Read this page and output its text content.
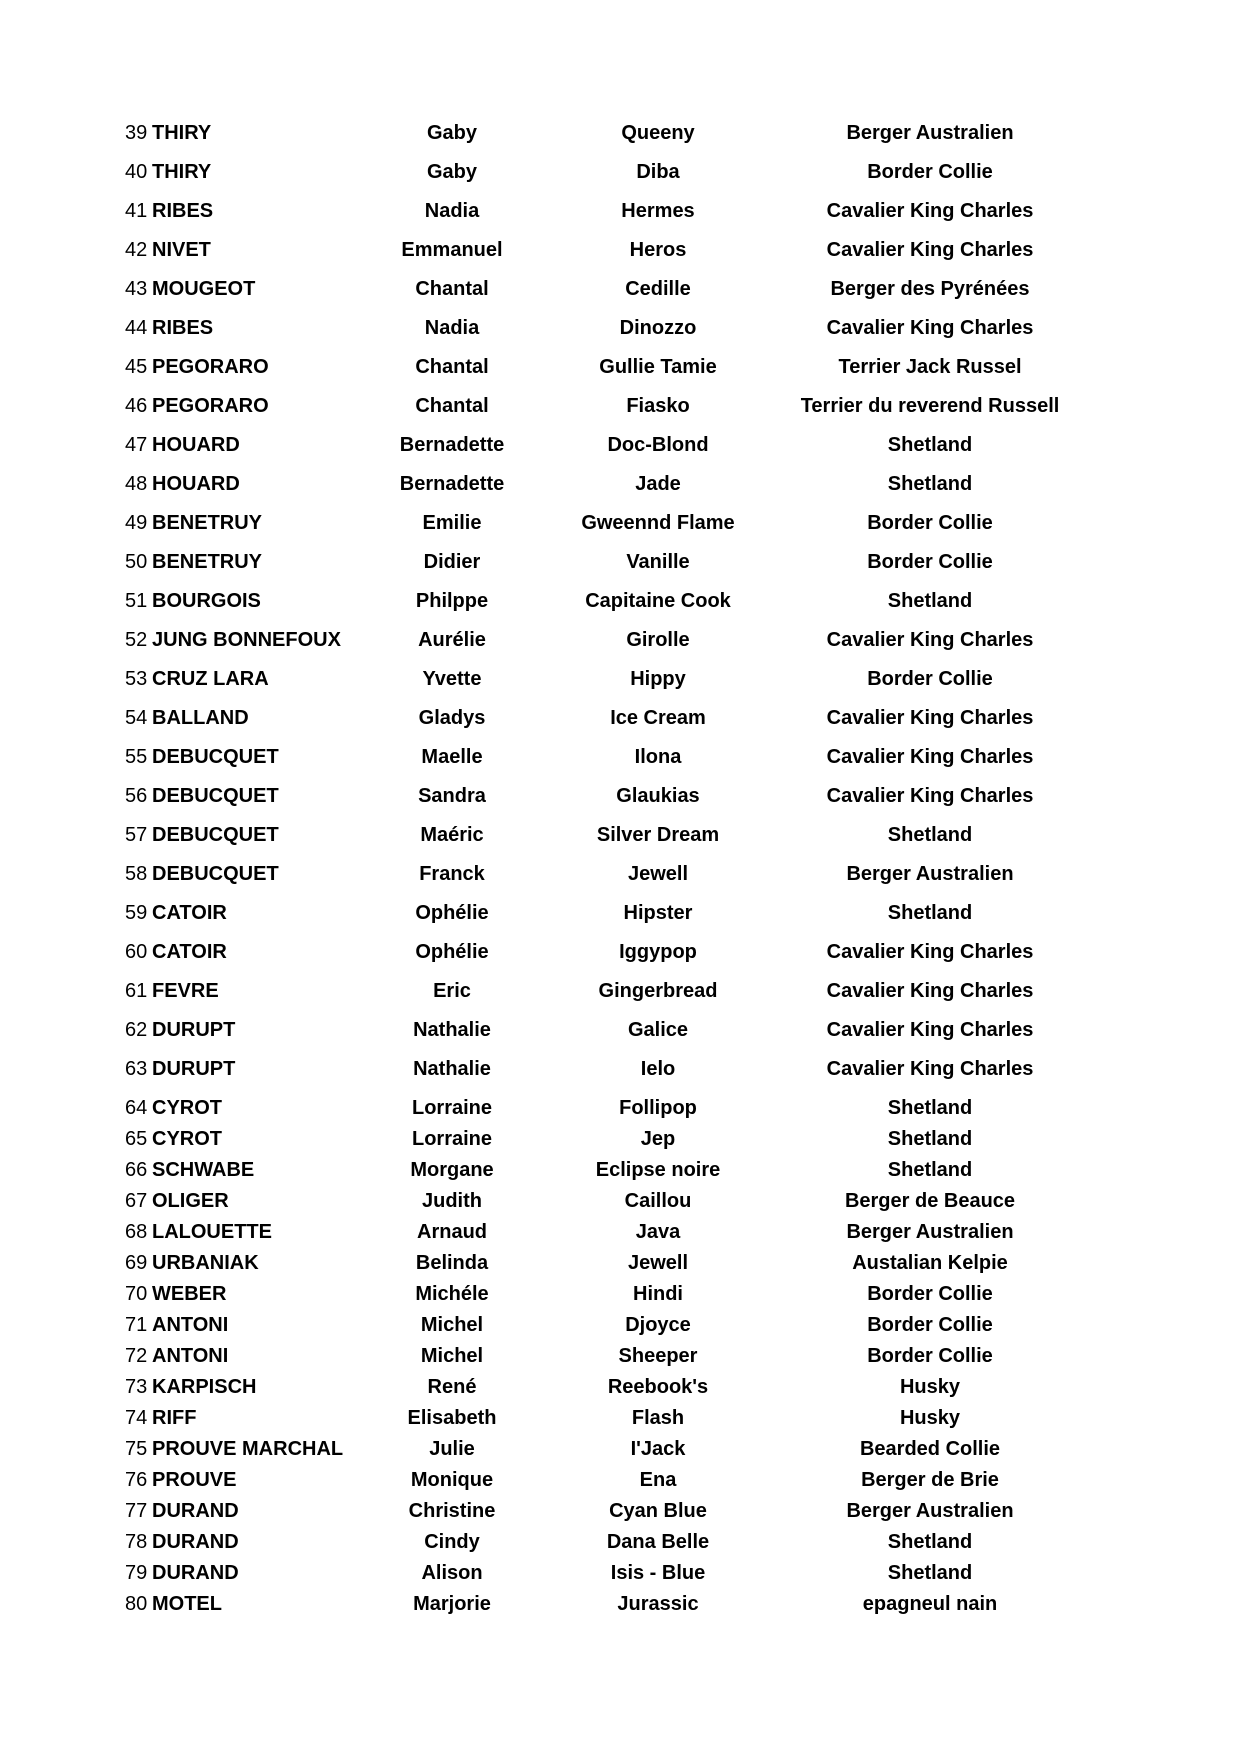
39 THIRY	Gaby	Queeny	Berger Australien
40 THIRY	Gaby	Diba	Border Collie
41 RIBES	Nadia	Hermes	Cavalier King Charles
42 NIVET	Emmanuel	Heros	Cavalier King Charles
43 MOUGEOT	Chantal	Cedille	Berger des Pyrénées
44 RIBES	Nadia	Dinozzo	Cavalier King Charles
45 PEGORARO	Chantal	Gullie Tamie	Terrier Jack Russel
46 PEGORARO	Chantal	Fiasko	Terrier du reverend Russell
47 HOUARD	Bernadette	Doc-Blond	Shetland
48 HOUARD	Bernadette	Jade	Shetland
49 BENETRUY	Emilie	Gweennd Flame	Border Collie
50 BENETRUY	Didier	Vanille	Border Collie
51 BOURGOIS	Philppe	Capitaine Cook	Shetland
52 JUNG BONNEFOUX	Aurélie	Girolle	Cavalier King Charles
53 CRUZ LARA	Yvette	Hippy	Border Collie
54 BALLAND	Gladys	Ice Cream	Cavalier King Charles
55 DEBUCQUET	Maelle	Ilona	Cavalier King Charles
56 DEBUCQUET	Sandra	Glaukias	Cavalier King Charles
57 DEBUCQUET	Maéric	Silver Dream	Shetland
58 DEBUCQUET	Franck	Jewell	Berger Australien
59 CATOIR	Ophélie	Hipster	Shetland
60 CATOIR	Ophélie	Iggypop	Cavalier King Charles
61 FEVRE	Eric	Gingerbread	Cavalier King Charles
62 DURUPT	Nathalie	Galice	Cavalier King Charles
63 DURUPT	Nathalie	Ielo	Cavalier King Charles
64 CYROT	Lorraine	Follipop	Shetland
65 CYROT	Lorraine	Jep	Shetland
66 SCHWABE	Morgane	Eclipse noire	Shetland
67 OLIGER	Judith	Caillou	Berger de Beauce
68 LALOUETTE	Arnaud	Java	Berger Australien
69 URBANIAK	Belinda	Jewell	Austalian Kelpie
70 WEBER	Michéle	Hindi	Border Collie
71 ANTONI	Michel	Djoyce	Border Collie
72 ANTONI	Michel	Sheeper	Border Collie
73 KARPISCH	René	Reebook's	Husky
74 RIFF	Elisabeth	Flash	Husky
75 PROUVE MARCHAL	Julie	I'Jack	Bearded Collie
76 PROUVE	Monique	Ena	Berger de Brie
77 DURAND	Christine	Cyan Blue	Berger Australien
78 DURAND	Cindy	Dana Belle	Shetland
79 DURAND	Alison	Isis - Blue	Shetland
80 MOTEL	Marjorie	Jurassic	epagneul nain
